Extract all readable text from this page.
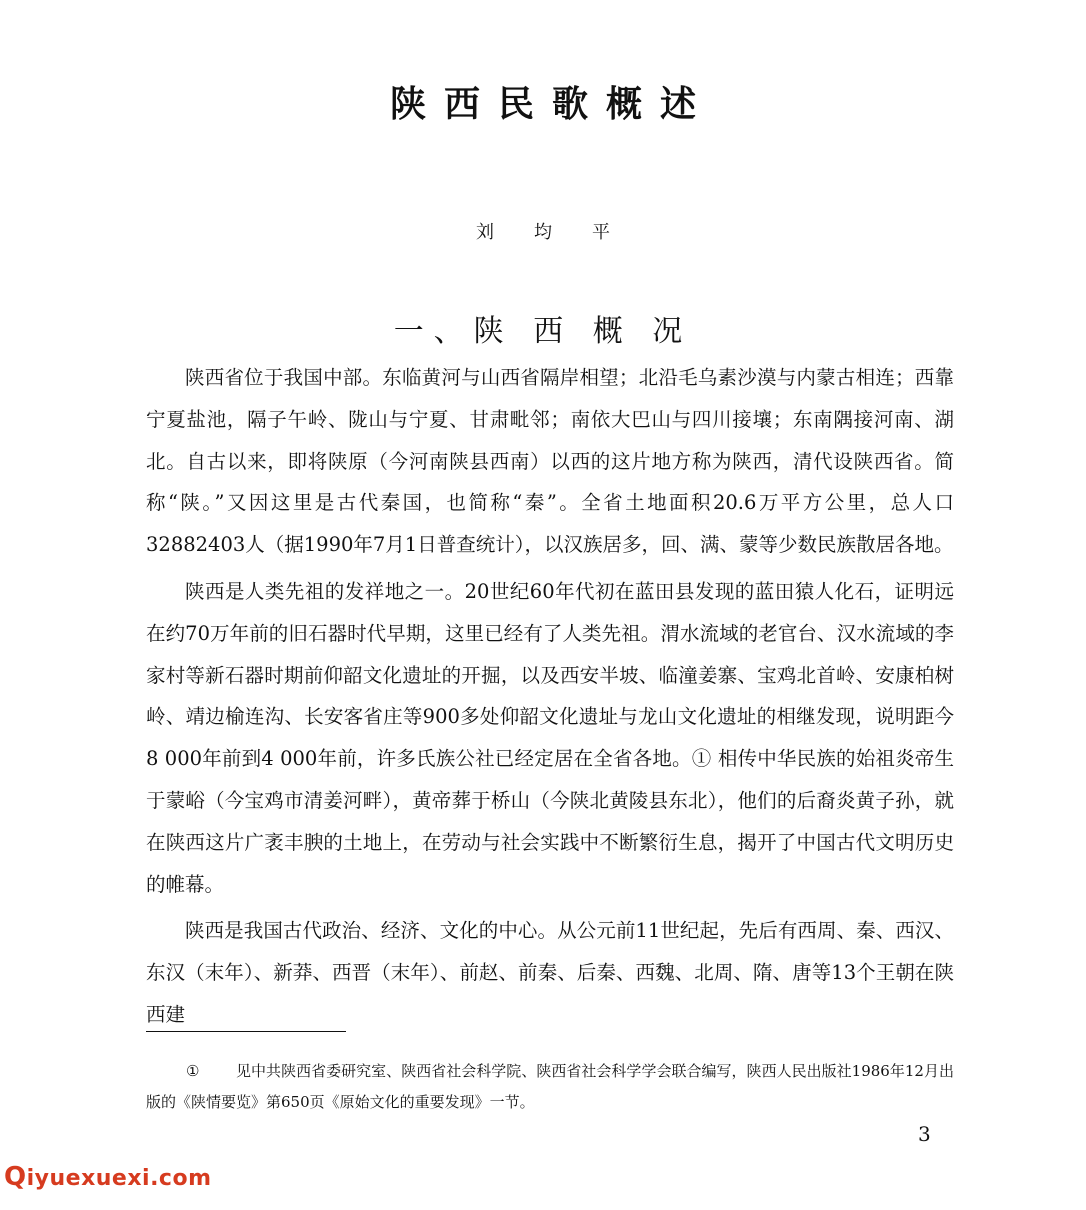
陕西民歌概述
刘均平
一、陕 西 概 况

陕西省位于我国中部。东临黄河与山西省隔岸相望；北沿毛乌素沙漠与内蒙古相连；西靠宁夏盐池，隔子午岭、陇山与宁夏、甘肃毗邻；南依大巴山与四川接壤；东南隅接河南、湖北。自古以来，即将陕原（今河南陕县西南）以西的这片地方称为陕西，清代设陕西省。简称“陕。”又因这里是古代秦国，也简称“秦”。全省土地面积20.6万平方公里，总人口32882403人（据1990年7月1日普查统计），以汉族居多，回、满、蒙等少数民族散居各地。

陕西是人类先祖的发祥地之一。20世纪60年代初在蓝田县发现的蓝田猿人化石，证明远在约70万年前的旧石器时代早期，这里已经有了人类先祖。渭水流域的老官台、汉水流域的李家村等新石器时期前仰韶文化遗址的开掘，以及西安半坡、临潼姜寨、宝鸡北首岭、安康柏树岭、靖边榆连沟、长安客省庄等900多处仰韶文化遗址与龙山文化遗址的相继发现，说明距今8 000年前到4 000年前，许多氏族公社已经定居在全省各地。① 相传中华民族的始祖炎帝生于蒙峪（今宝鸡市清姜河畔），黄帝葬于桥山（今陕北黄陵县东北），他们的后裔炎黄子孙，就在陕西这片广袤丰腴的土地上，在劳动与社会实践中不断繁衍生息，揭开了中国古代文明历史的帷幕。

陕西是我国古代政治、经济、文化的中心。从公元前11世纪起，先后有西周、秦、西汉、东汉（末年）、新莽、西晋（末年）、前赵、前秦、后秦、西魏、北周、隋、唐等13个王朝在陕西建

① 见中共陕西省委研究室、陕西省社会科学院、陕西省社会科学学会联合编写，陕西人民出版社1986年12月出版的《陕情要览》第650页《原始文化的重要发现》一节。
3
Qiyuexuexi.com
